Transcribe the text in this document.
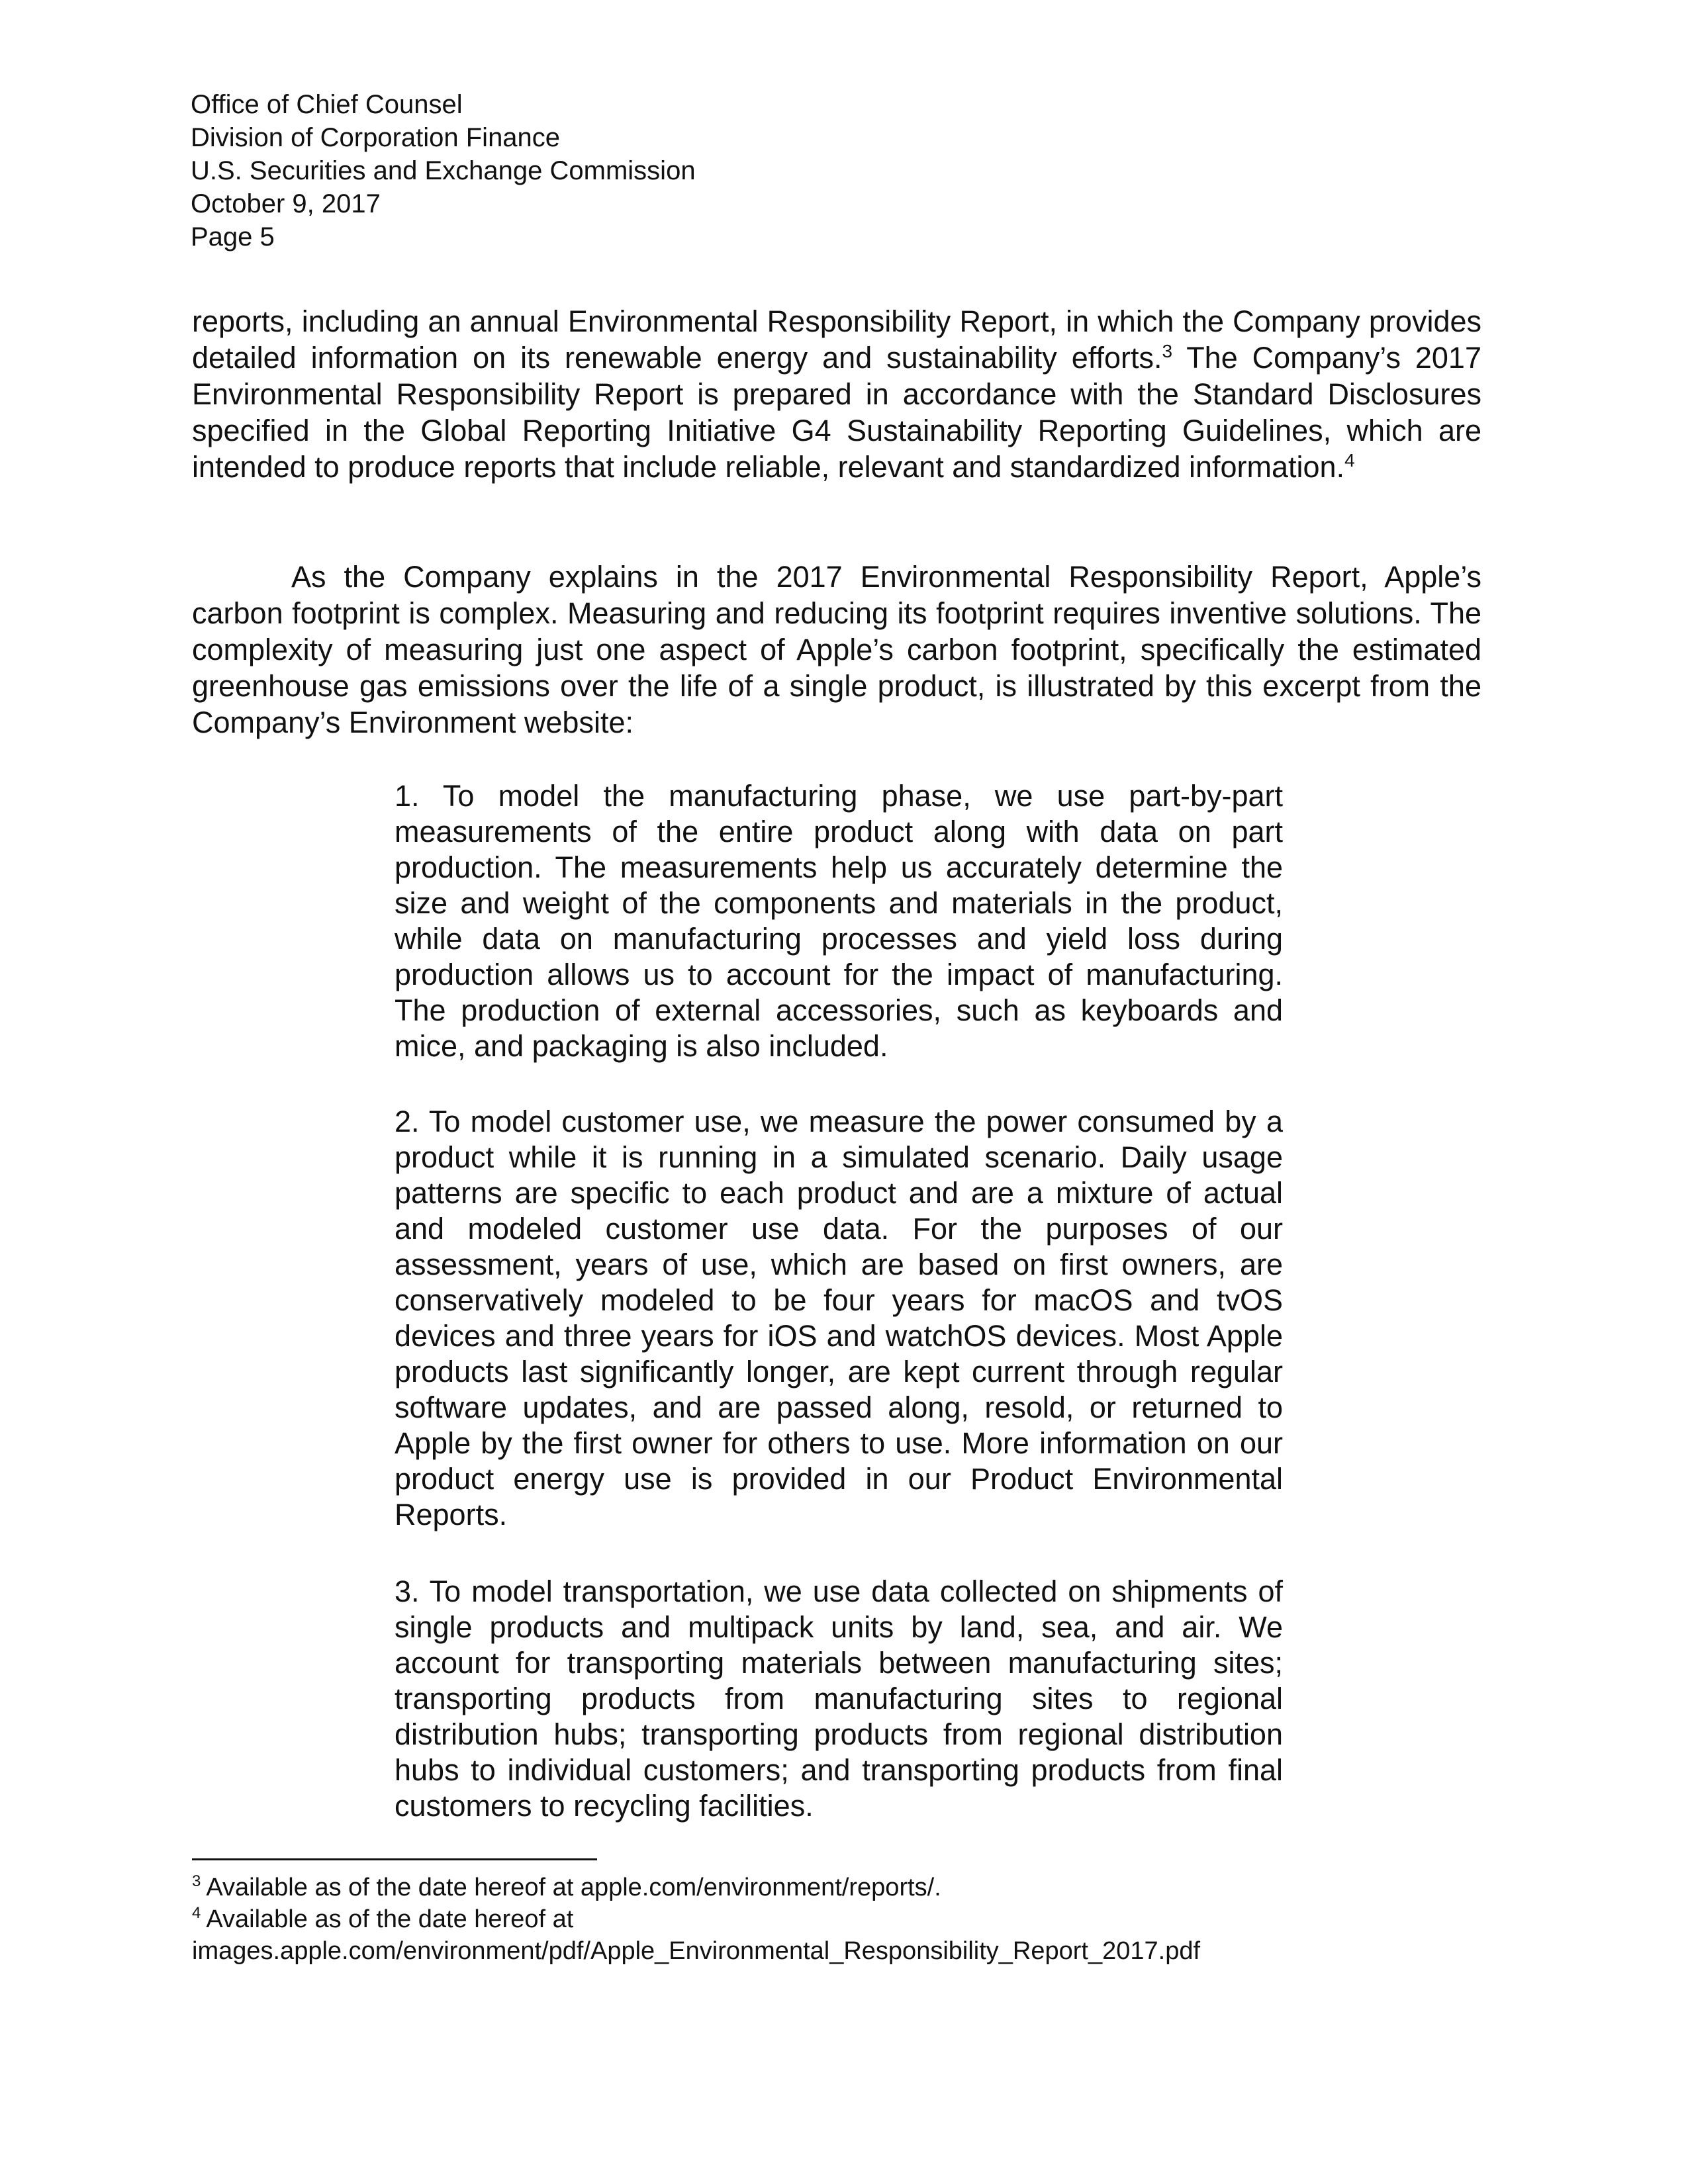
Office of Chief Counsel
Division of Corporation Finance
U.S. Securities and Exchange Commission
October 9, 2017
Page 5

reports, including an annual Environmental Responsibility Report, in which the Company provides detailed information on its renewable energy and sustainability efforts.$^3$ The Company’s 2017 Environmental Responsibility Report is prepared in accordance with the Standard Disclosures specified in the Global Reporting Initiative G4 Sustainability Reporting Guidelines, which are intended to produce reports that include reliable, relevant and standardized information.$^4$

As the Company explains in the 2017 Environmental Responsibility Report, Apple’s carbon footprint is complex. Measuring and reducing its footprint requires inventive solutions. The complexity of measuring just one aspect of Apple’s carbon footprint, specifically the estimated greenhouse gas emissions over the life of a single product, is illustrated by this excerpt from the Company’s Environment website:

1. To model the manufacturing phase, we use part-by-part measurements of the entire product along with data on part production. The measurements help us accurately determine the size and weight of the components and materials in the product, while data on manufacturing processes and yield loss during production allows us to account for the impact of manufacturing. The production of external accessories, such as keyboards and mice, and packaging is also included.

2. To model customer use, we measure the power consumed by a product while it is running in a simulated scenario. Daily usage patterns are specific to each product and are a mixture of actual and modeled customer use data. For the purposes of our assessment, years of use, which are based on first owners, are conservatively modeled to be four years for macOS and tvOS devices and three years for iOS and watchOS devices. Most Apple products last significantly longer, are kept current through regular software updates, and are passed along, resold, or returned to Apple by the first owner for others to use. More information on our product energy use is provided in our Product Environmental Reports.

3. To model transportation, we use data collected on shipments of single products and multipack units by land, sea, and air. We account for transporting materials between manufacturing sites; transporting products from manufacturing sites to regional distribution hubs; transporting products from regional distribution hubs to individual customers; and transporting products from final customers to recycling facilities.

$^3$ Available as of the date hereof at apple.com/environment/reports/.
$^4$ Available as of the date hereof at
images.apple.com/environment/pdf/Apple_Environmental_Responsibility_Report_2017.pdf
